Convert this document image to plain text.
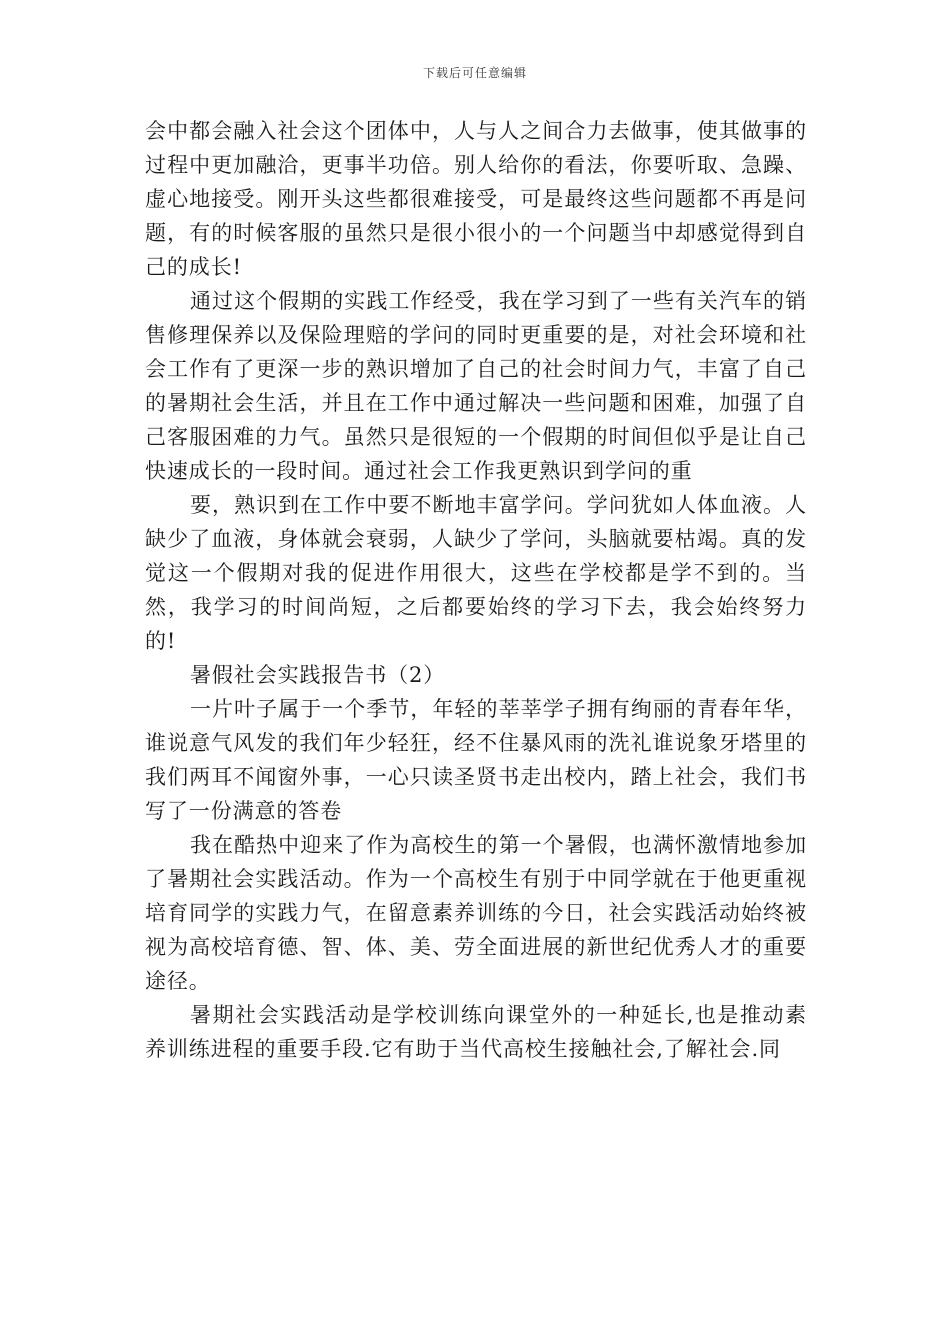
下载后可任意编辑

会中都会融入社会这个团体中，人与人之间合力去做事，使其做事的过程中更加融洽，更事半功倍。别人给你的看法，你要听取、急躁、虚心地接受。刚开头这些都很难接受，可是最终这些问题都不再是问题，有的时候客服的虽然只是很小很小的一个问题当中却感觉得到自己的成长!

通过这个假期的实践工作经受，我在学习到了一些有关汽车的销售修理保养以及保险理赔的学问的同时更重要的是，对社会环境和社会工作有了更深一步的熟识增加了自己的社会时间力气，丰富了自己的暑期社会生活，并且在工作中通过解决一些问题和困难，加强了自己客服困难的力气。虽然只是很短的一个假期的时间但似乎是让自己快速成长的一段时间。通过社会工作我更熟识到学问的重

要，熟识到在工作中要不断地丰富学问。学问犹如人体血液。人缺少了血液，身体就会衰弱，人缺少了学问，头脑就要枯竭。真的发觉这一个假期对我的促进作用很大，这些在学校都是学不到的。当然，我学习的时间尚短，之后都要始终的学习下去，我会始终努力的!

暑假社会实践报告书（2）

一片叶子属于一个季节，年轻的莘莘学子拥有绚丽的青春年华，谁说意气风发的我们年少轻狂，经不住暴风雨的洗礼谁说象牙塔里的我们两耳不闻窗外事，一心只读圣贤书走出校内，踏上社会，我们书写了一份满意的答卷

我在酷热中迎来了作为高校生的第一个暑假，也满怀激情地参加了暑期社会实践活动。作为一个高校生有别于中同学就在于他更重视培育同学的实践力气，在留意素养训练的今日，社会实践活动始终被视为高校培育德、智、体、美、劳全面进展的新世纪优秀人才的重要途径。

暑期社会实践活动是学校训练向课堂外的一种延长,也是推动素养训练进程的重要手段.它有助于当代高校生接触社会,了解社会.同
